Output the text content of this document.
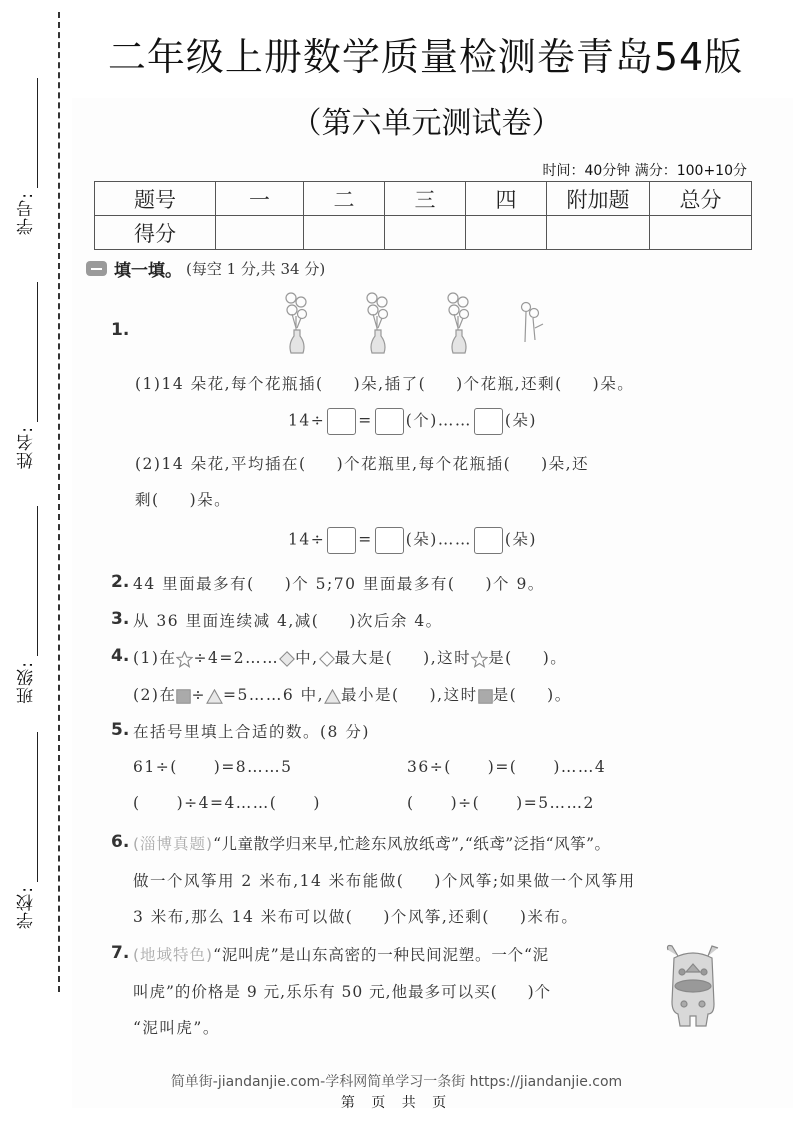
学号:
姓名:
班级:
学校:
二年级上册数学质量检测卷青岛54版
（第六单元测试卷）
时间：40分钟 满分：100+10分
题号	一	二	三	四	附加题	总分
得分						
填一填。 (每空 1 分,共 34 分)
1.
(1)14 朵花,每个花瓶插( )朵,插了( )个花瓶,还剩( )朵。
14÷ = (个)…… (朵)
(2)14 朵花,平均插在( )个花瓶里,每个花瓶插( )朵,还
剩( )朵。
14÷ = (朵)…… (朵)
2. 44 里面最多有( )个 5;70 里面最多有( )个 9。
3. 从 36 里面连续减 4,减( )次后余 4。
4. (1)在 ÷4=2…… 中, 最大是( ),这时 是( )。
(2)在 ÷ =5……6 中, 最小是( ),这时 是( )。
5. 在括号里填上合适的数。(8 分)
61÷( )=8……5	36÷( )=( )……4
( )÷4=4……( )	( )÷( )=5……2
6. (淄博真题)“儿童散学归来早,忙趁东风放纸鸢”,“纸鸢”泛指“风筝”。
做一个风筝用 2 米布,14 米布能做( )个风筝;如果做一个风筝用
3 米布,那么 14 米布可以做( )个风筝,还剩( )米布。
7. (地域特色)“泥叫虎”是山东高密的一种民间泥塑。一个“泥
叫虎”的价格是 9 元,乐乐有 50 元,他最多可以买( )个
“泥叫虎”。
简单街-jiandanjie.com-学科网简单学习一条街 https://jiandanjie.com
第 页 共 页
